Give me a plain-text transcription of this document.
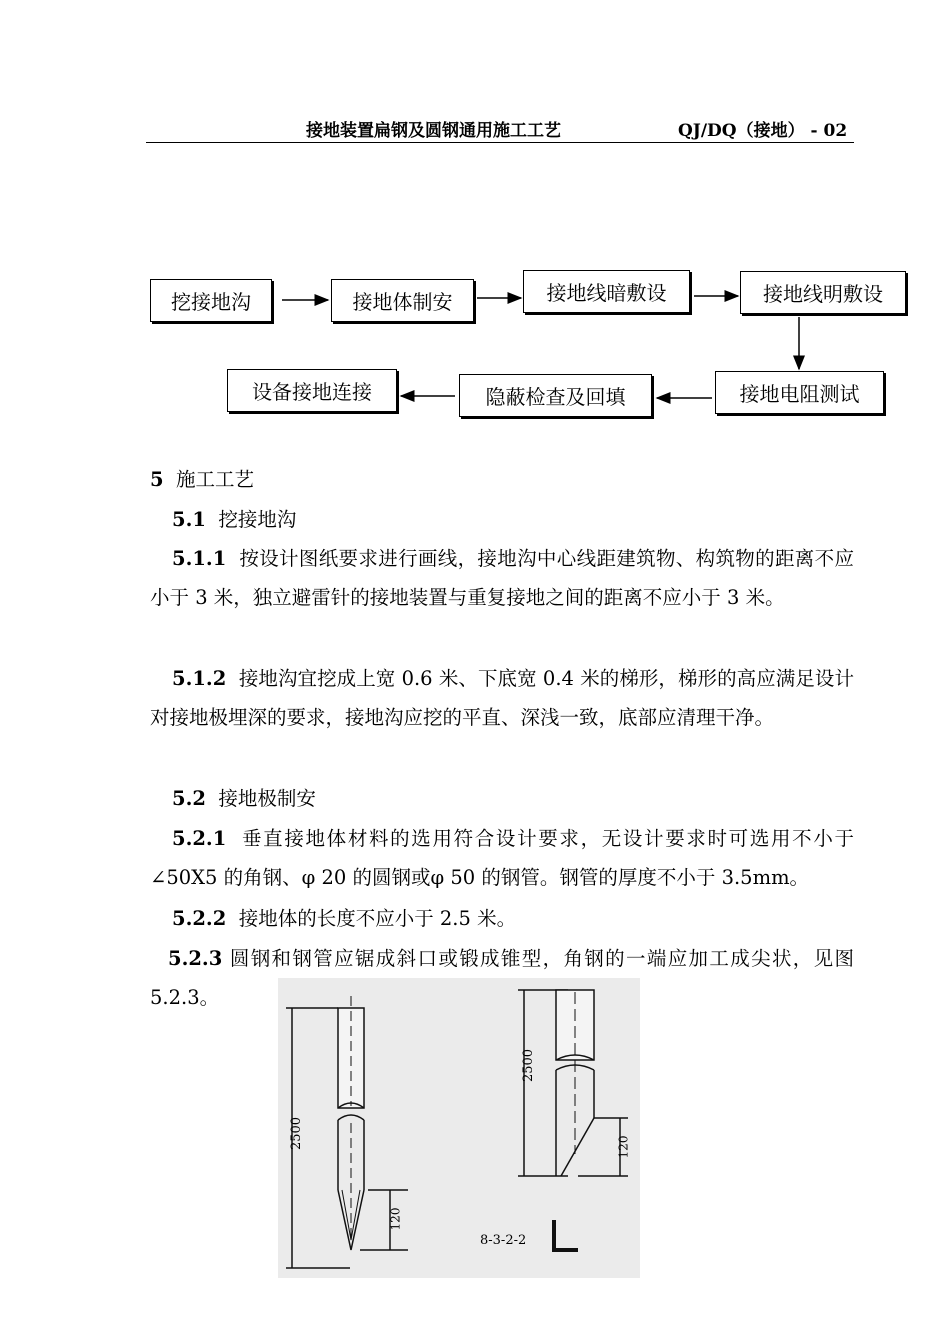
接地装置扁钢及圆钢通用施工工艺	QJ/DQ（接地） - 02
挖接地沟	接地体制安	接地线暗敷设	接地线明敷设
接地电阻测试
隐蔽检查及回填
设备接地连接
5 施工工艺
5.1 挖接地沟
5.1.1 按设计图纸要求进行画线，接地沟中心线距建筑物、构筑物的距离不应小于 3 米，独立避雷针的接地装置与重复接地之间的距离不应小于 3 米。
5.1.2 接地沟宜挖成上宽 0.6 米、下底宽 0.4 米的梯形，梯形的高应满足设计对接地极埋深的要求，接地沟应挖的平直、深浅一致，底部应清理干净。
5.2 接地极制安
5.2.1 垂直接地体材料的选用符合设计要求，无设计要求时可选用不小于∠50X5 的角钢、φ 20 的圆钢或φ 50 的钢管。钢管的厚度不小于 3.5mm。
5.2.2 接地体的长度不应小于 2.5 米。
5.2.3 圆钢和钢管应锯成斜口或锻成锥型，角钢的一端应加工成尖状，见图 5.2.3。
2500
120
2500
120
8-3-2-2
